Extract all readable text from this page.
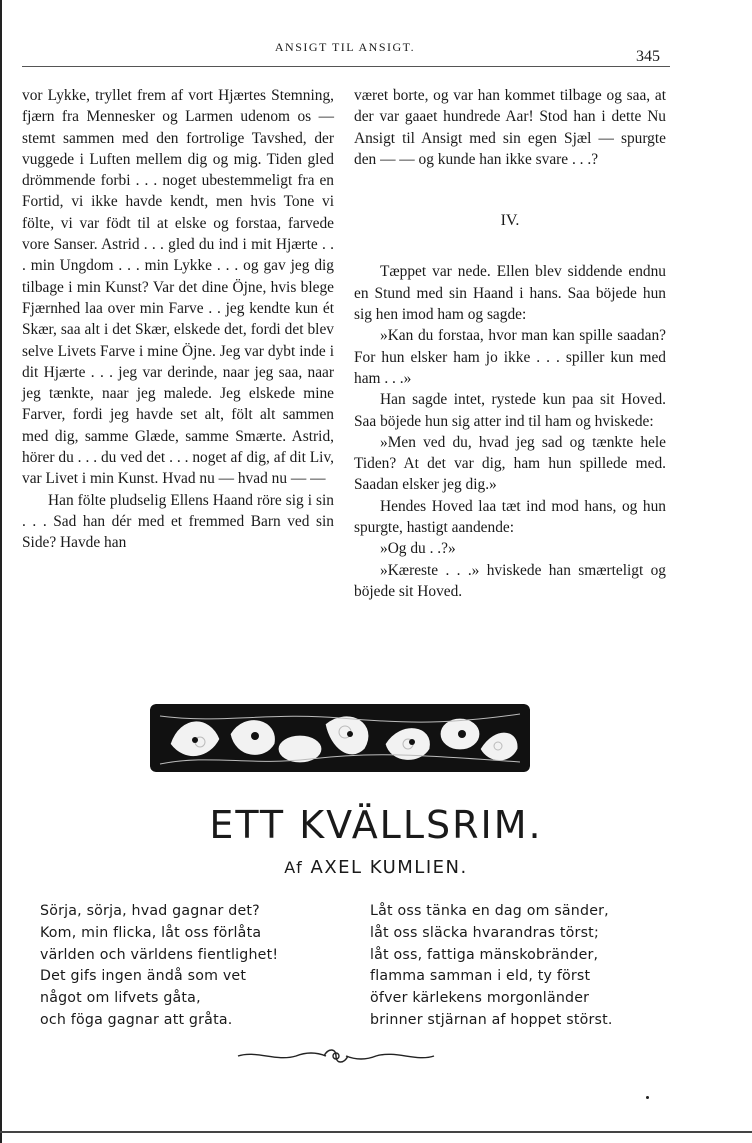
ANSIGT TIL ANSIGT.
345

vor Lykke, tryllet frem af vort Hjærtes Stemning, fjærn fra Mennesker og Larmen udenom os — stemt sammen med den fortrolige Tavshed, der vuggede i Luften mellem dig og mig. Tiden gled drömmende forbi . . . noget ubestemmeligt fra en Fortid, vi ikke havde kendt, men hvis Tone vi fölte, vi var födt til at elske og forstaa, farvede vore Sanser. Astrid . . . gled du ind i mit Hjærte . . . min Ungdom . . . min Lykke . . . og gav jeg dig tilbage i min Kunst? Var det dine Öjne, hvis blege Fjærnhed laa over min Farve . . jeg kendte kun ét Skær, saa alt i det Skær, elskede det, fordi det blev selve Livets Farve i mine Öjne. Jeg var dybt inde i dit Hjærte . . . jeg var derinde, naar jeg saa, naar jeg tænkte, naar jeg malede. Jeg elskede mine Farver, fordi jeg havde set alt, fölt alt sammen med dig, samme Glæde, samme Smærte. Astrid, hörer du . . . du ved det . . . noget af dig, af dit Liv, var Livet i min Kunst. Hvad nu — hvad nu — —

Han fölte pludselig Ellens Haand röre sig i sin . . . Sad han dér med et fremmed Barn ved sin Side? Havde han

været borte, og var han kommet tilbage og saa, at der var gaaet hundrede Aar! Stod han i dette Nu Ansigt til Ansigt med sin egen Sjæl — spurgte den — — og kunde han ikke svare . . .?

IV.

Tæppet var nede. Ellen blev siddende endnu en Stund med sin Haand i hans. Saa böjede hun sig hen imod ham og sagde:

»Kan du forstaa, hvor man kan spille saadan? For hun elsker ham jo ikke . . . spiller kun med ham . . .»

Han sagde intet, rystede kun paa sit Hoved. Saa böjede hun sig atter ind til ham og hviskede:

»Men ved du, hvad jeg sad og tænkte hele Tiden? At det var dig, ham hun spillede med. Saadan elsker jeg dig.»

Hendes Hoved laa tæt ind mod hans, og hun spurgte, hastigt aandende:

»Og du . .?»

»Kæreste . . .» hviskede han smærteligt og böjede sit Hoved.

ETT KVÄLLSRIM.
Af AXEL KUMLIEN.
Sörja, sörja, hvad gagnar det?
Kom, min flicka, låt oss förlåta
världen och världens fientlighet!
Det gifs ingen ändå som vet
något om lifvets gåta,
och föga gagnar att gråta.
Låt oss tänka en dag om sänder,
låt oss släcka hvarandras törst;
låt oss, fattiga mänskobränder,
flamma samman i eld, ty först
öfver kärlekens morgonländer
brinner stjärnan af hoppet störst.
